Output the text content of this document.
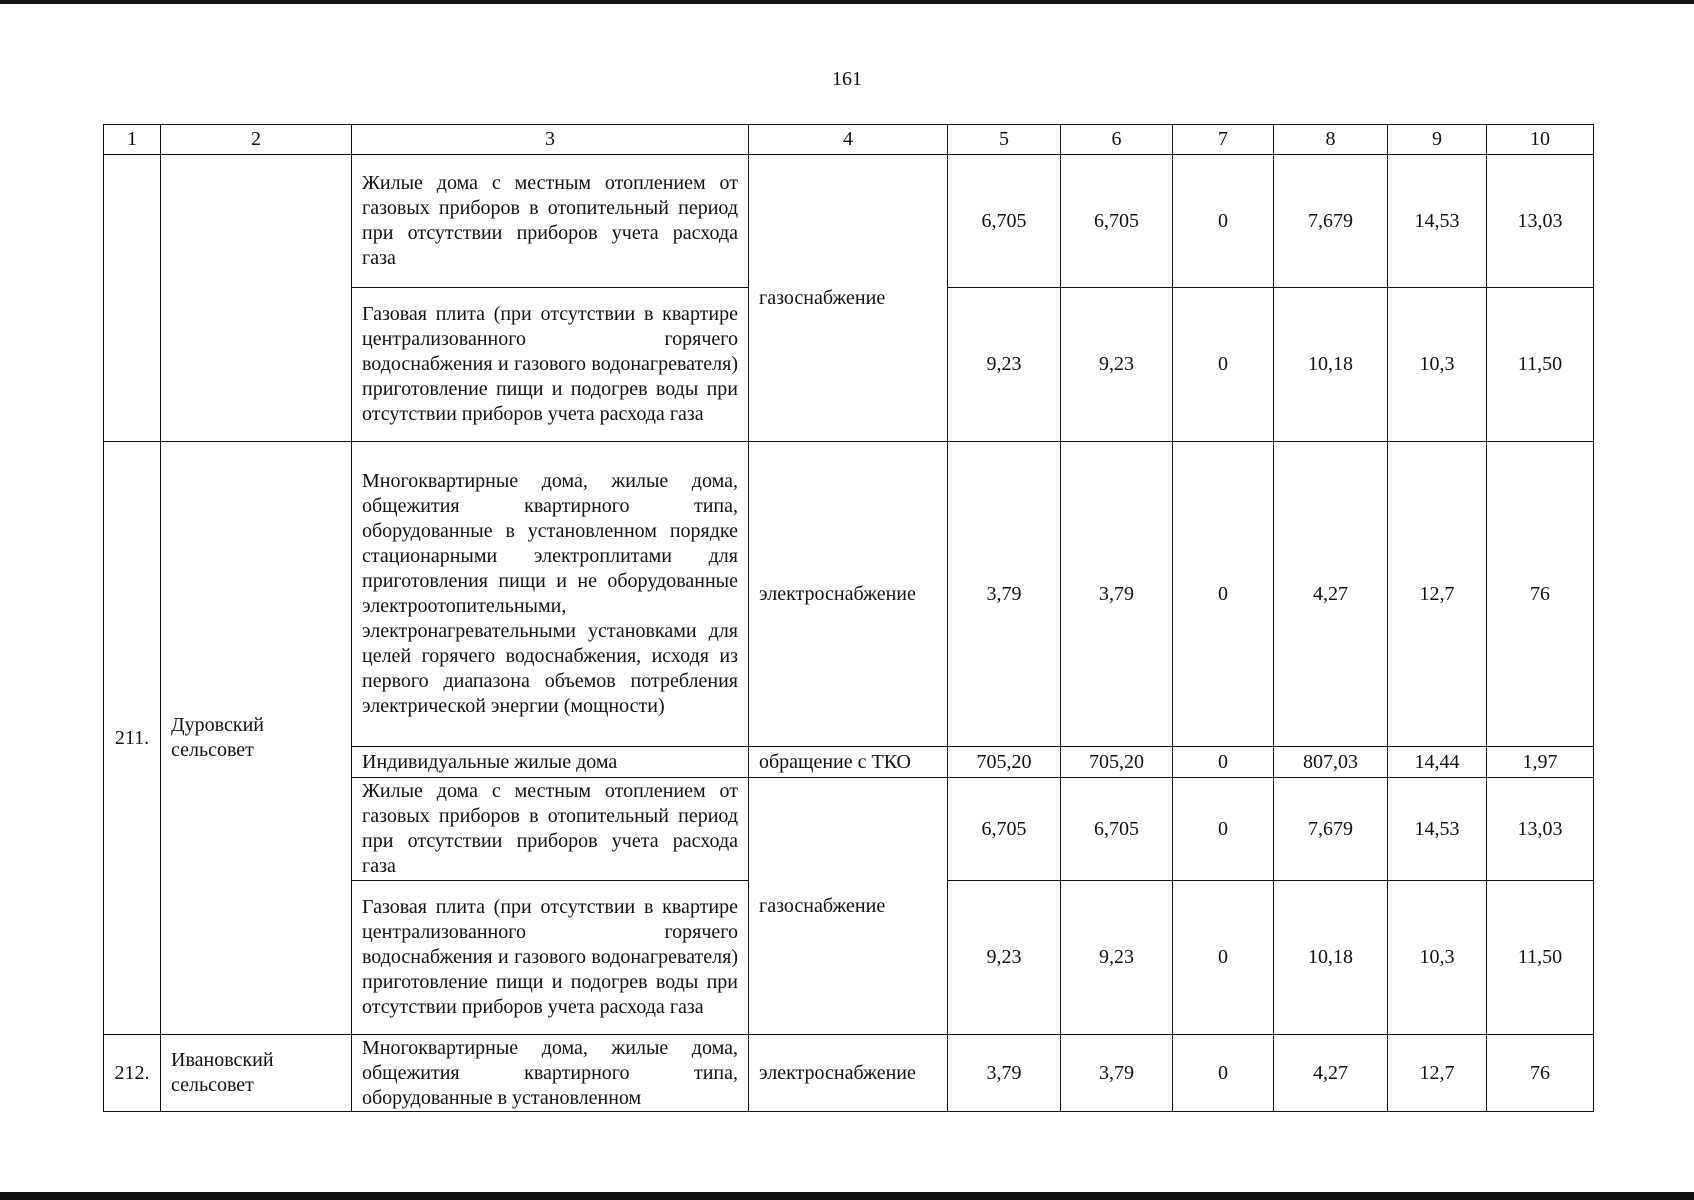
161
1	2	3	4	5	6	7	8	9	10
		Жилые дома с местным отоплением от газовых приборов в отопительный период при отсутствии приборов учета расхода газа	газоснабжение	6,705	6,705	0	7,679	14,53	13,03
		Газовая плита (при отсутствии в квартире централизованного горячего водоснабжения и газового водонагревателя) приготовление пищи и подогрев воды при отсутствии приборов учета расхода газа		9,23	9,23	0	10,18	10,3	11,50
211.	Дуровский сельсовет	Многоквартирные дома, жилые дома, общежития квартирного типа, оборудованные в установленном порядке стационарными электроплитами для приготовления пищи и не оборудованные электроотопительными, электронагревательными установками для целей горячего водоснабжения, исходя из первого диапазона объемов потребления электрической энергии (мощности)	электроснабжение	3,79	3,79	0	4,27	12,7	76
		Индивидуальные жилые дома	обращение с ТКО	705,20	705,20	0	807,03	14,44	1,97
		Жилые дома с местным отоплением от газовых приборов в отопительный период при отсутствии приборов учета расхода газа	газоснабжение	6,705	6,705	0	7,679	14,53	13,03
		Газовая плита (при отсутствии в квартире централизованного горячего водоснабжения и газового водонагревателя) приготовление пищи и подогрев воды при отсутствии приборов учета расхода газа		9,23	9,23	0	10,18	10,3	11,50
212.	Ивановский сельсовет	Многоквартирные дома, жилые дома, общежития квартирного типа, оборудованные в установленном	электроснабжение	3,79	3,79	0	4,27	12,7	76
